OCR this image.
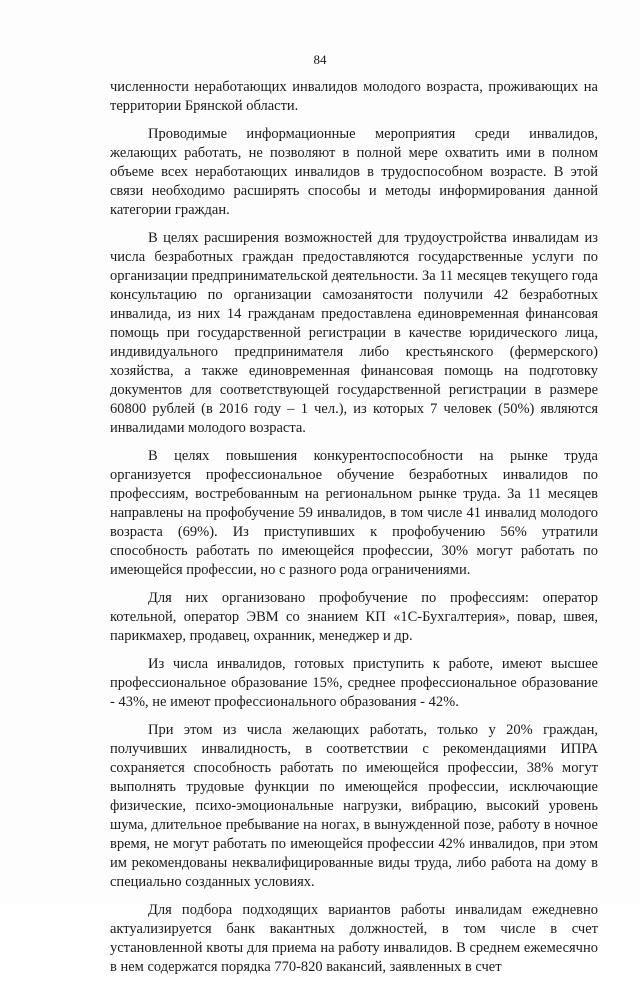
84

численности неработающих инвалидов молодого возраста, проживающих на территории Брянской области.

Проводимые информационные мероприятия среди инвалидов, желающих работать, не позволяют в полной мере охватить ими в полном объеме всех неработающих инвалидов в трудоспособном возрасте. В этой связи необходимо расширять способы и методы информирования данной категории граждан.

В целях расширения возможностей для трудоустройства инвалидам из числа безработных граждан предоставляются государственные услуги по организации предпринимательской деятельности. За 11 месяцев текущего года консультацию по организации самозанятости получили 42 безработных инвалида, из них 14 гражданам предоставлена единовременная финансовая помощь при государственной регистрации в качестве юридического лица, индивидуального предпринимателя либо крестьянского (фермерского) хозяйства, а также единовременная финансовая помощь на подготовку документов для соответствующей государственной регистрации в размере 60800 рублей (в 2016 году – 1 чел.), из которых 7 человек (50%) являются инвалидами молодого возраста.

В целях повышения конкурентоспособности на рынке труда организуется профессиональное обучение безработных инвалидов по профессиям, востребованным на региональном рынке труда. За 11 месяцев направлены на профобучение 59 инвалидов, в том числе 41 инвалид молодого возраста (69%). Из приступивших к профобучению 56% утратили способность работать по имеющейся профессии, 30% могут работать по имеющейся профессии, но с разного рода ограничениями.

Для них организовано профобучение по профессиям: оператор котельной, оператор ЭВМ со знанием КП «1С-Бухгалтерия», повар, швея, парикмахер, продавец, охранник, менеджер и др.

Из числа инвалидов, готовых приступить к работе, имеют высшее профессиональное образование 15%, среднее профессиональное образование - 43%, не имеют профессионального образования - 42%.

При этом из числа желающих работать, только у 20% граждан, получивших инвалидность, в соответствии с рекомендациями ИПРА сохраняется способность работать по имеющейся профессии, 38% могут выполнять трудовые функции по имеющейся профессии, исключающие физические, психо-эмоциональные нагрузки, вибрацию, высокий уровень шума, длительное пребывание на ногах, в вынужденной позе, работу в ночное время, не могут работать по имеющейся профессии 42% инвалидов, при этом им рекомендованы неквалифицированные виды труда, либо работа на дому в специально созданных условиях.

Для подбора подходящих вариантов работы инвалидам ежедневно актуализируется банк вакантных должностей, в том числе в счет установленной квоты для приема на работу инвалидов. В среднем ежемесячно в нем содержатся порядка 770-820 вакансий, заявленных в счет
